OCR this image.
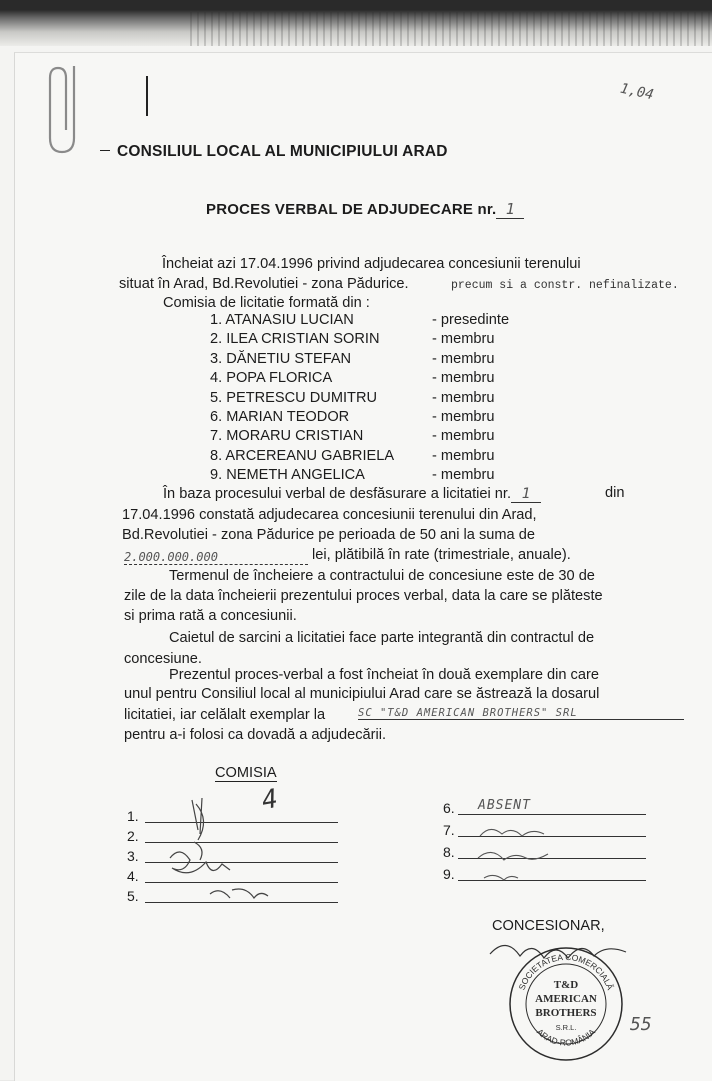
1,04
CONSILIUL LOCAL AL MUNICIPIULUI ARAD
PROCES VERBAL DE ADJUDECARE nr. 1
Încheiat azi 17.04.1996 privind adjudecarea concesiunii terenului
situat în Arad, Bd.Revolutiei - zona Pădurice.	precum si a constr. nefinalizate.
Comisia de licitatie formată din :
1. ATANASIU LUCIAN	- presedinte
2. ILEA CRISTIAN SORIN	- membru
3. DĂNETIU STEFAN	- membru
4. POPA FLORICA	- membru
5. PETRESCU DUMITRU	- membru
6. MARIAN TEODOR	- membru
7. MORARU CRISTIAN	- membru
8. ARCEREANU GABRIELA	- membru
9. NEMETH ANGELICA	- membru
În baza procesului verbal de desfăsurare a licitatiei nr. 1	din
17.04.1996 constată adjudecarea concesiunii terenului din Arad,
Bd.Revolutiei - zona Pădurice pe perioada de 50 ani la suma de
2.000.000.000	lei, plătibilă în rate (trimestriale, anuale).
Termenul de încheiere a contractului de concesiune este de 30 de
zile de la data încheierii prezentului proces verbal, data la care se plăteste
si prima rată a concesiunii.
Caietul de sarcini a licitatiei face parte integrantă din contractul de
concesiune.
Prezentul proces-verbal a fost încheiat în două exemplare din care
unul pentru Consiliul local al municipiului Arad care se ăstrează la dosarul
licitatiei, iar celălalt exemplar la	SC "T&D AMERICAN BROTHERS" SRL
pentru a-i folosi ca dovadă a adjudecării.
COMISIA
4
1.
2.
3.
4.
5.
6. ABSENT
7.
8.
9.
CONCESIONAR,
SOCIETATEA COMERCIALĂ
ARAD-ROMÂNIA
T&D
AMERICAN
BROTHERS
S.R.L.	55
